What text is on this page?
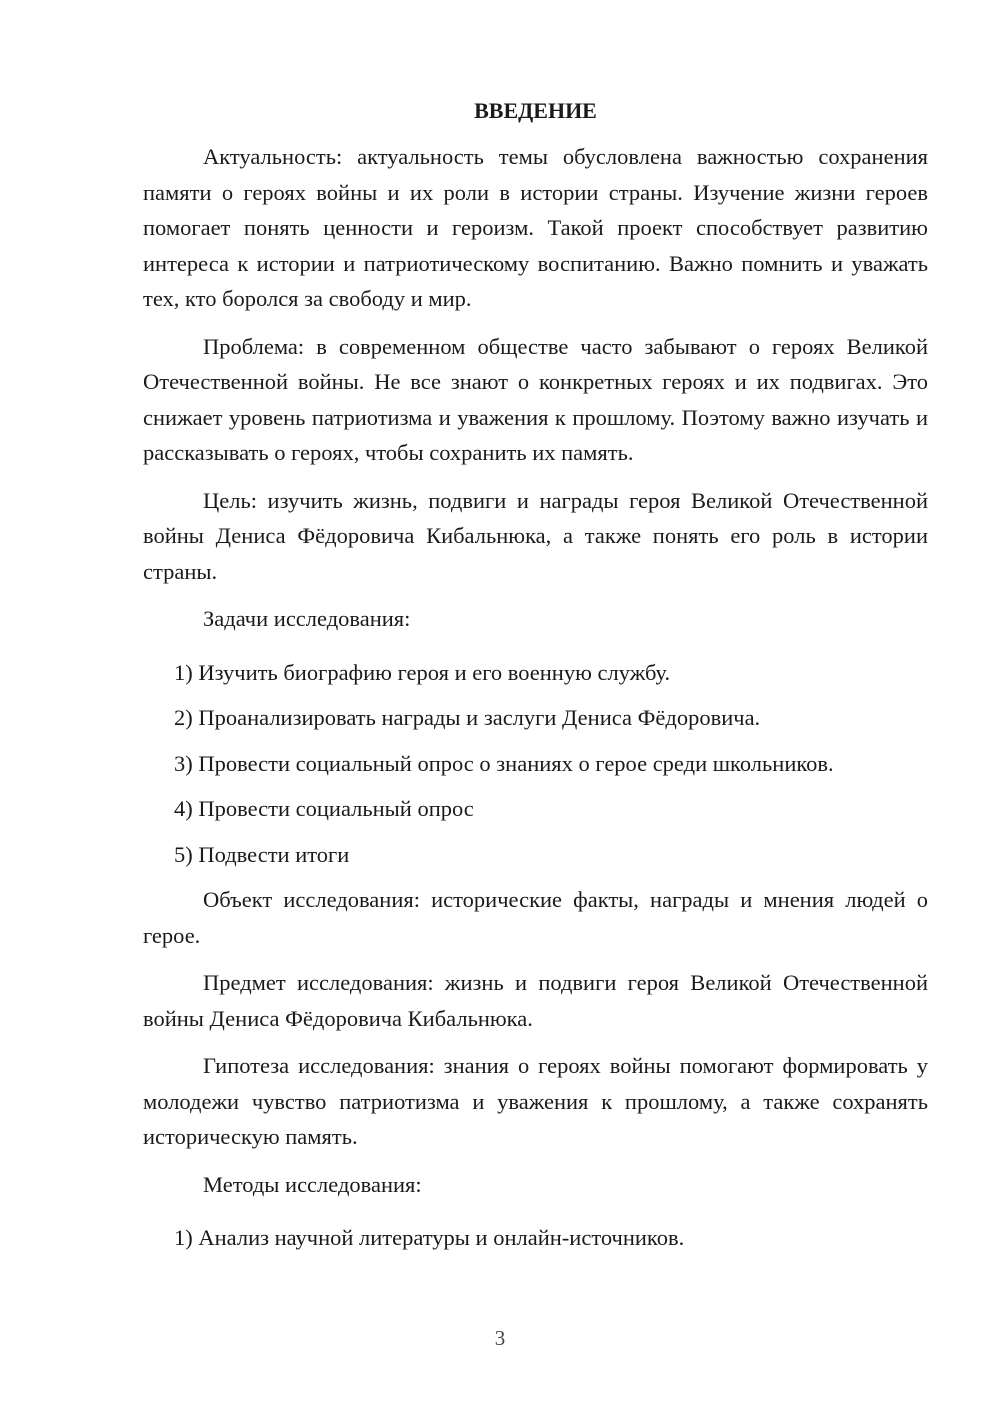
ВВЕДЕНИЕ

Актуальность: актуальность темы обусловлена важностью сохранения памяти о героях войны и их роли в истории страны. Изучение жизни героев помогает понять ценности и героизм. Такой проект способствует развитию интереса к истории и патриотическому воспитанию. Важно помнить и уважать тех, кто боролся за свободу и мир.

Проблема: в современном обществе часто забывают о героях Великой Отечественной войны. Не все знают о конкретных героях и их подвигах. Это снижает уровень патриотизма и уважения к прошлому. Поэтому важно изучать и рассказывать о героях, чтобы сохранить их память.

Цель: изучить жизнь, подвиги и награды героя Великой Отечественной войны Дениса Фёдоровича Кибальнюка, а также понять его роль в истории страны.

Задачи исследования:

1) Изучить биографию героя и его военную службу.
2) Проанализировать награды и заслуги Дениса Фёдоровича.
3) Провести социальный опрос о знаниях о герое среди школьников.
4) Провести социальный опрос
5) Подвести итоги

Объект исследования: исторические факты, награды и мнения людей о герое.

Предмет исследования: жизнь и подвиги героя Великой Отечественной войны Дениса Фёдоровича Кибальнюка.

Гипотеза исследования: знания о героях войны помогают формировать у молодежи чувство патриотизма и уважения к прошлому, а также сохранять историческую память.

Методы исследования:

1) Анализ научной литературы и онлайн-источников.
3
